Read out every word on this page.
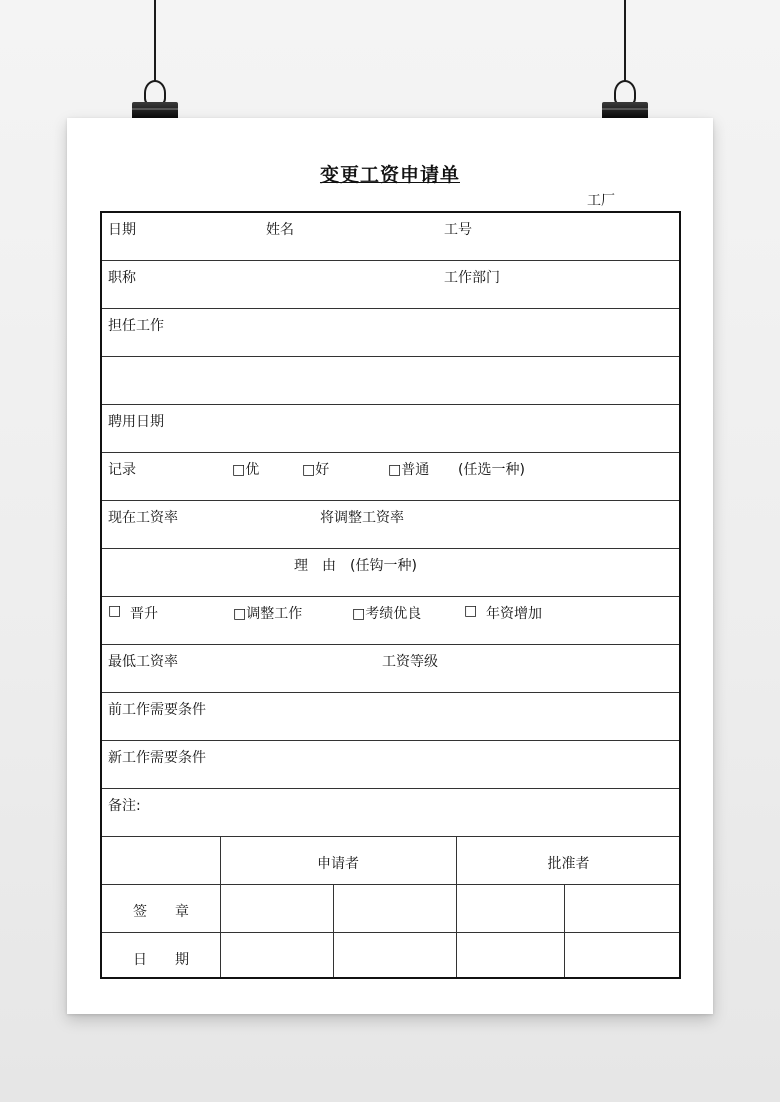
变更工资申请单
工厂
日期	姓名	工号
职称	工作部门
担任工作
聘用日期
记录	□优	□好	□普通 (任选一种)
现在工资率	将调整工资率
理　由 (任钩一种)
□ 晋升	□调整工作	□考绩优良	□ 年资增加
最低工资率	工资等级
前工作需要条件
新工作需要条件
备注:
申请者	批准者
签　　章
日　　期
